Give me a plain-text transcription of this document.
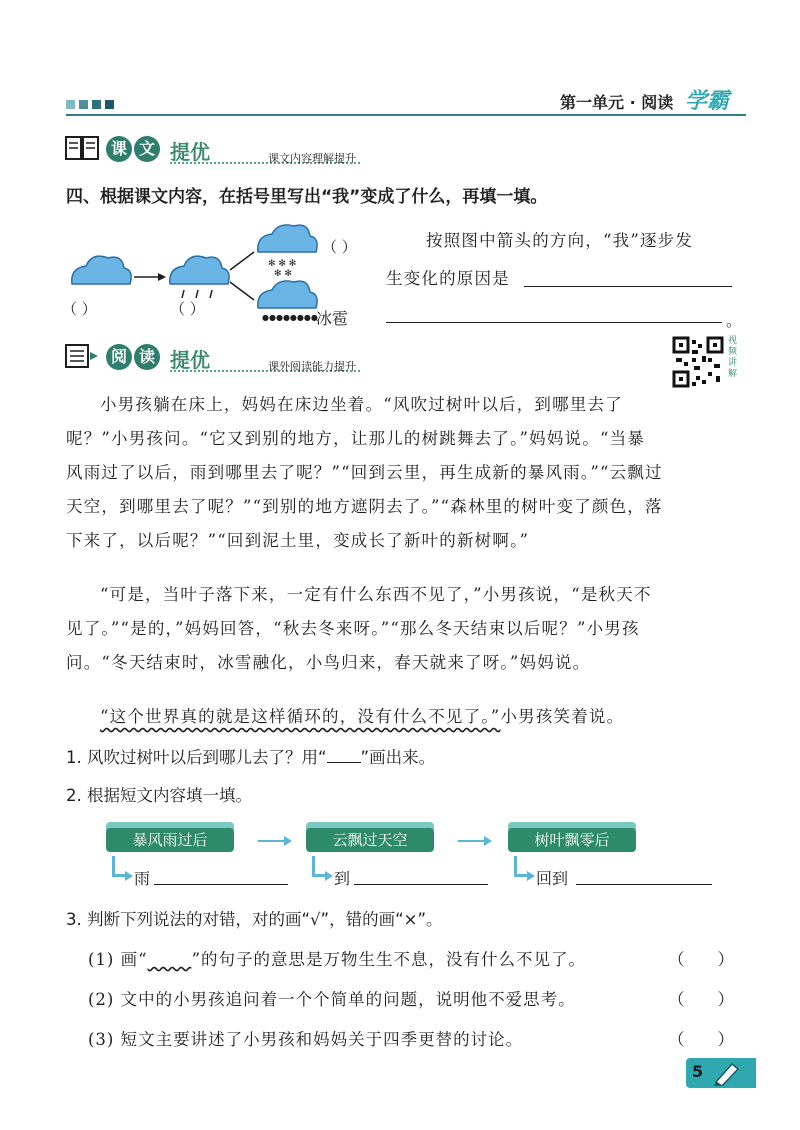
第一单元 · 阅读 学霸
课 文 提优	课文内容理解提升
四、根据课文内容，在括号里写出“我”变成了什么，再填一填。
✻ ✻ ✻
✻ ✻
●●●●●●●●
（ ）
（ ）	（ ）	冰雹
按照图中箭头的方向，“我”逐步发
生变化的原因是
。
阅 读 提优	课外阅读能力提升
视频讲解
小男孩躺在床上，妈妈在床边坐着。“风吹过树叶以后，到哪里去了
呢？”小男孩问。“它又到别的地方，让那儿的树跳舞去了。”妈妈说。“当暴
风雨过了以后，雨到哪里去了呢？”“回到云里，再生成新的暴风雨。”“云飘过
天空，到哪里去了呢？”“到别的地方遮阴去了。”“森林里的树叶变了颜色，落
下来了，以后呢？”“回到泥土里，变成长了新叶的新树啊。”
“可是，当叶子落下来，一定有什么东西不见了，”小男孩说，“是秋天不
见了。”“是的，”妈妈回答，“秋去冬来呀。”“那么冬天结束以后呢？”小男孩
问。“冬天结束时，冰雪融化，小鸟归来，春天就来了呀。”妈妈说。
“这个世界真的就是这样循环的，没有什么不见了。”小男孩笑着说。
1. 风吹过树叶以后到哪儿去了？用“ ”画出来。
2. 根据短文内容填一填。
暴风雨过后	云飘过天空	树叶飘零后
雨	到	回到
3. 判断下列说法的对错，对的画“√”，错的画“×”。
(1) 画“	”的句子的意思是万物生生不息，没有什么不见了。	（　　）
(2) 文中的小男孩追问着一个个简单的问题，说明他不爱思考。	（　　）
(3) 短文主要讲述了小男孩和妈妈关于四季更替的讨论。	（　　）
5
